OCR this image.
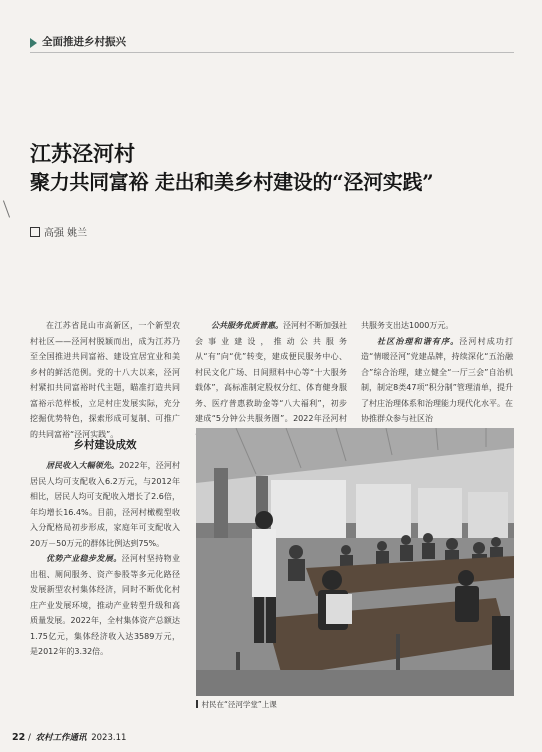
全面推进乡村振兴
江苏泾河村
聚力共同富裕 走出和美乡村建设的“泾河实践”
高强 姚兰

在江苏省昆山市高新区，一个新型农村社区——泾河村脱颖而出，成为江苏乃至全国推进共同富裕、建设宜居宜业和美乡村的鲜活范例。党的十八大以来，泾河村紧扣共同富裕时代主题，瞄准打造共同富裕示范样板，立足村庄发展实际，充分挖掘优势特色，探索形成可复制、可推广的共同富裕“泾河实践”。

乡村建设成效

居民收入大幅领先。2022年，泾河村居民人均可支配收入6.2万元，与2012年相比，居民人均可支配收入增长了2.6倍，年均增长16.4%。目前，泾河村橄榄型收入分配格局初步形成，家庭年可支配收入20万－50万元的群体比例达到75%。

优势产业稳步发展。泾河村坚持物业出租、厕间服务、资产参股等多元化路径发展新型农村集体经济，同时不断优化村庄产业发展环境，推动产业转型升级和高质量发展。2022年，全村集体资产总额达1.75亿元，集体经济收入达3589万元，是2012年的3.32倍。

公共服务优质普惠。泾河村不断加强社会事业建设，推动公共服务从“有”向“优”转变，建成便民服务中心、村民文化广场、日间照料中心等“十大服务载体”，高标准制定股权分红、体育健身服务、医疗普惠救助金等“八大福利”，初步建成“5分钟公共服务圈”。2022年泾河村

共服务支出达1000万元。

社区治理和谐有序。泾河村成功打造“情暖泾河”党建品牌，持续深化“五治融合”综合治理，建立健全“一厅三会”自治机制，制定8类47项“积分制”管理清单，提升了村庄治理体系和治理能力现代化水平。在协推群众参与社区治

村民在“泾河学堂”上课
22 / 农村工作通讯 2023.11
